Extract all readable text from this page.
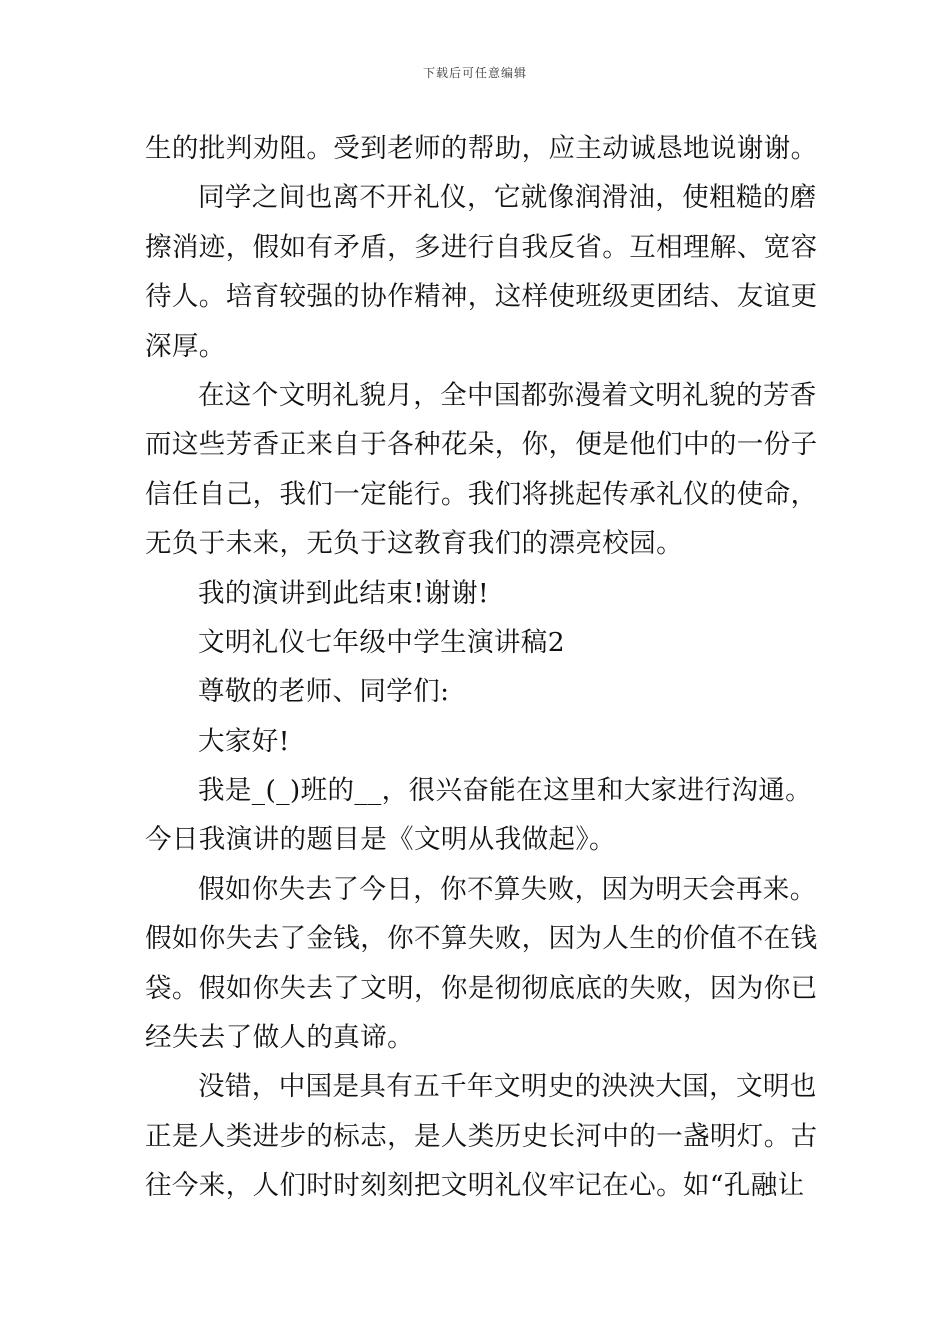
下载后可任意编辑
生的批判劝阻。受到老师的帮助，应主动诚恳地说谢谢。
同学之间也离不开礼仪，它就像润滑油，使粗糙的磨
擦消迹，假如有矛盾，多进行自我反省。互相理解、宽容
待人。培育较强的协作精神，这样使班级更团结、友谊更
深厚。
在这个文明礼貌月，全中国都弥漫着文明礼貌的芳香
而这些芳香正来自于各种花朵，你，便是他们中的一份子
信任自己，我们一定能行。我们将挑起传承礼仪的使命，
无负于未来，无负于这教育我们的漂亮校园。
我的演讲到此结束!谢谢!
文明礼仪七年级中学生演讲稿2
尊敬的老师、同学们:
大家好!
我是_(_)班的__，很兴奋能在这里和大家进行沟通。
今日我演讲的题目是《文明从我做起》。
假如你失去了今日，你不算失败，因为明天会再来。
假如你失去了金钱，你不算失败，因为人生的价值不在钱
袋。假如你失去了文明，你是彻彻底底的失败，因为你已
经失去了做人的真谛。
没错，中国是具有五千年文明史的泱泱大国，文明也
正是人类进步的标志，是人类历史长河中的一盏明灯。古
往今来，人们时时刻刻把文明礼仪牢记在心。如“孔融让
